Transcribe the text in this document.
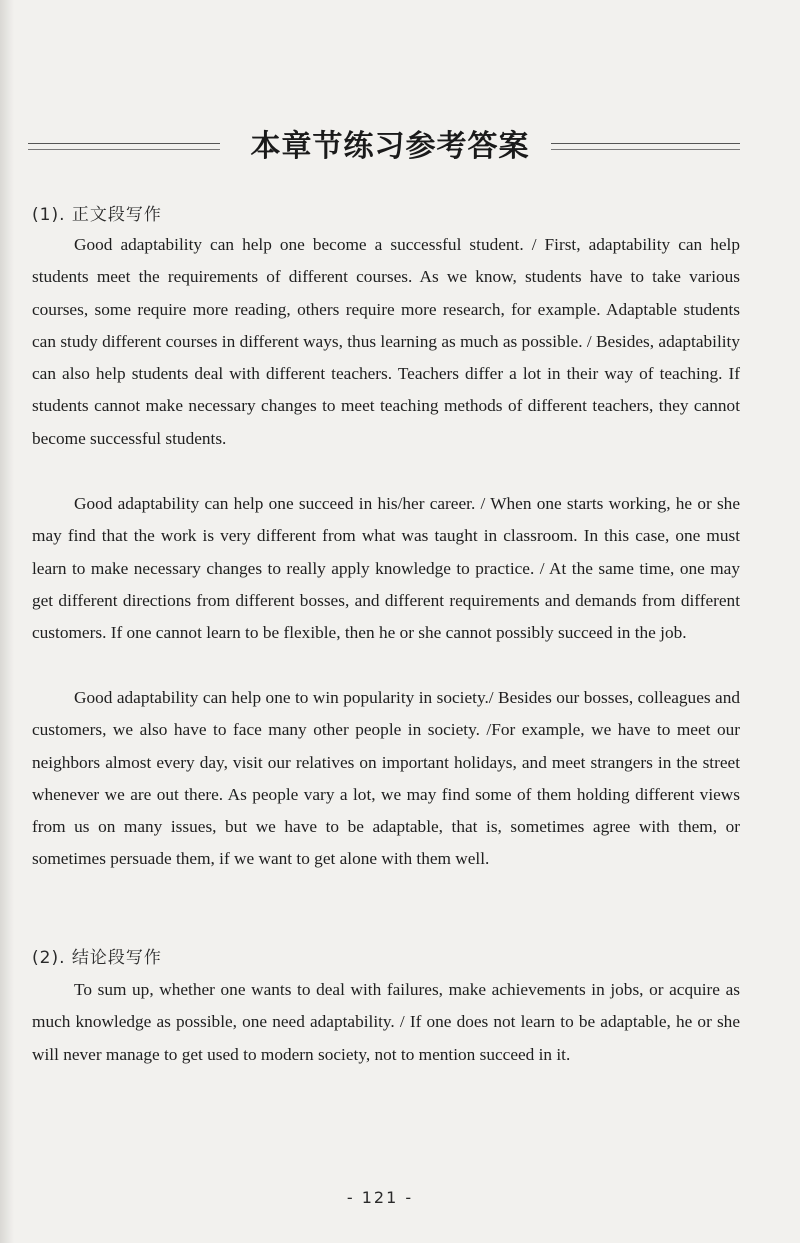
本章节练习参考答案
(1). 正文段写作

Good adaptability can help one become a successful student. / First, adaptability can help students meet the requirements of different courses. As we know, students have to take various courses, some require more reading, others require more research, for example. Adaptable students can study different courses in different ways, thus learning as much as possible. / Besides, adaptability can also help students deal with different teachers. Teachers differ a lot in their way of teaching. If students cannot make necessary changes to meet teaching methods of different teachers, they cannot become successful students.

Good adaptability can help one succeed in his/her career. / When one starts working, he or she may find that the work is very different from what was taught in classroom. In this case, one must learn to make necessary changes to really apply knowledge to practice. / At the same time, one may get different directions from different bosses, and different requirements and demands from different customers. If one cannot learn to be flexible, then he or she cannot possibly succeed in the job.

Good adaptability can help one to win popularity in society./ Besides our bosses, colleagues and customers, we also have to face many other people in society. /For example, we have to meet our neighbors almost every day, visit our relatives on important holidays, and meet strangers in the street whenever we are out there. As people vary a lot, we may find some of them holding different views from us on many issues, but we have to be adaptable, that is, sometimes agree with them, or sometimes persuade them, if we want to get alone with them well.

(2). 结论段写作

To sum up, whether one wants to deal with failures, make achievements in jobs, or acquire as much knowledge as possible, one need adaptability. / If one does not learn to be adaptable, he or she will never manage to get used to modern society, not to mention succeed in it.

- 121 -
